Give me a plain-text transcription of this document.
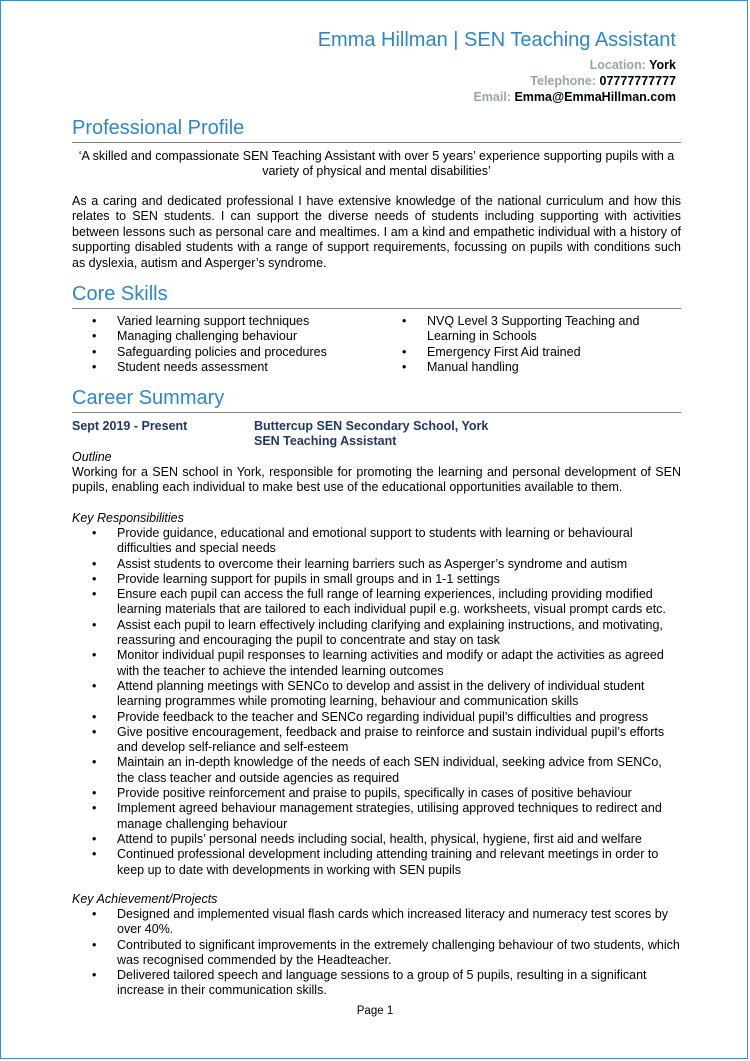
Emma Hillman | SEN Teaching Assistant
Location: York
Telephone: 07777777777
Email: Emma@EmmaHillman.com
Professional Profile
‘A skilled and compassionate SEN Teaching Assistant with over 5 years’ experience supporting pupils with a variety of physical and mental disabilities’
As a caring and dedicated professional I have extensive knowledge of the national curriculum and how this relates to SEN students. I can support the diverse needs of students including supporting with activities between lessons such as personal care and mealtimes. I am a kind and empathetic individual with a history of supporting disabled students with a range of support requirements, focussing on pupils with conditions such as dyslexia, autism and Asperger’s syndrome.
Core Skills
• Varied learning support techniques
• Managing challenging behaviour
• Safeguarding policies and procedures
• Student needs assessment
• NVQ Level 3 Supporting Teaching and Learning in Schools
• Emergency First Aid trained
• Manual handling
Career Summary
Sept 2019 - Present	Buttercup SEN Secondary School, York
SEN Teaching Assistant
Outline
Working for a SEN school in York, responsible for promoting the learning and personal development of SEN pupils, enabling each individual to make best use of the educational opportunities available to them.
Key Responsibilities
• Provide guidance, educational and emotional support to students with learning or behavioural difficulties and special needs
• Assist students to overcome their learning barriers such as Asperger’s syndrome and autism
• Provide learning support for pupils in small groups and in 1-1 settings
• Ensure each pupil can access the full range of learning experiences, including providing modified learning materials that are tailored to each individual pupil e.g. worksheets, visual prompt cards etc.
• Assist each pupil to learn effectively including clarifying and explaining instructions, and motivating, reassuring and encouraging the pupil to concentrate and stay on task
• Monitor individual pupil responses to learning activities and modify or adapt the activities as agreed with the teacher to achieve the intended learning outcomes
• Attend planning meetings with SENCo to develop and assist in the delivery of individual student learning programmes while promoting learning, behaviour and communication skills
• Provide feedback to the teacher and SENCo regarding individual pupil’s difficulties and progress
• Give positive encouragement, feedback and praise to reinforce and sustain individual pupil’s efforts and develop self-reliance and self-esteem
• Maintain an in-depth knowledge of the needs of each SEN individual, seeking advice from SENCo, the class teacher and outside agencies as required
• Provide positive reinforcement and praise to pupils, specifically in cases of positive behaviour
• Implement agreed behaviour management strategies, utilising approved techniques to redirect and manage challenging behaviour
• Attend to pupils’ personal needs including social, health, physical, hygiene, first aid and welfare
• Continued professional development including attending training and relevant meetings in order to keep up to date with developments in working with SEN pupils
Key Achievement/Projects
• Designed and implemented visual flash cards which increased literacy and numeracy test scores by over 40%.
• Contributed to significant improvements in the extremely challenging behaviour of two students, which was recognised commended by the Headteacher.
• Delivered tailored speech and language sessions to a group of 5 pupils, resulting in a significant increase in their communication skills.
Page 1
